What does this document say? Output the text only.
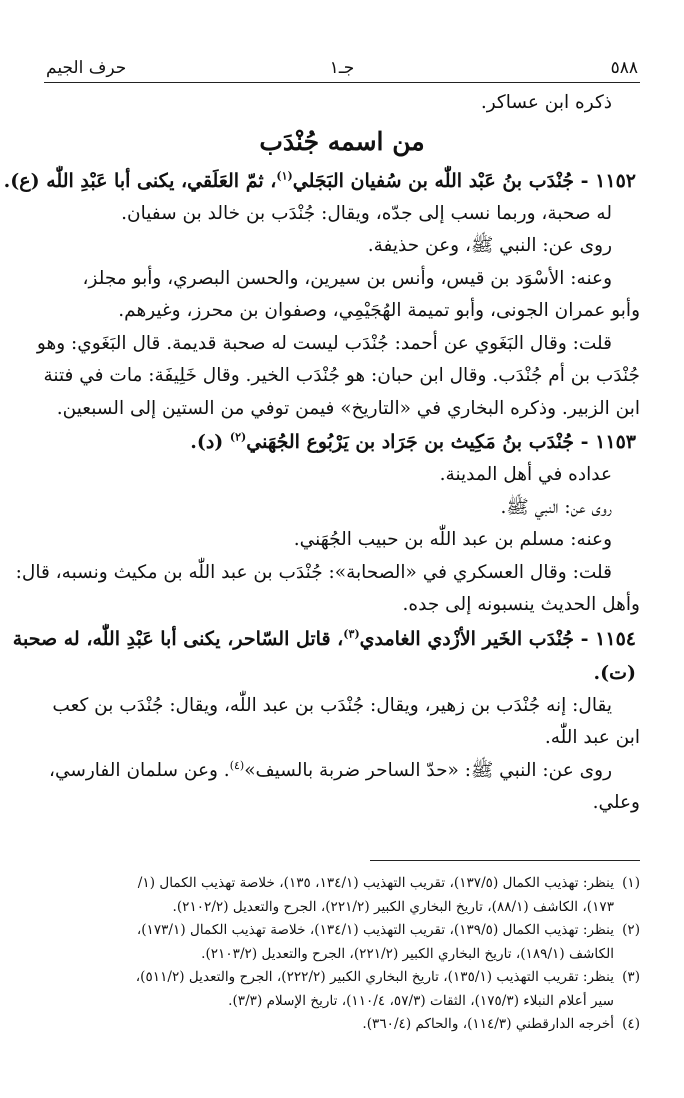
٥٨٨
جـ١
حرف الجيم
ذكره ابن عساكر.
من اسمه جُنْدَب
١١٥٢ - جُنْدَب بنُ عَبْد اللّٰه بن سُفيان البَجَلي$^{(١)}$، ثمّ العَلَقي، يكنى أبا عَبْدِ اللّٰه (ع).
له صحبة، وربما نسب إلى جدّه، ويقال: جُنْدَب بن خالد بن سفيان.
روى عن: النبي ﷺ، وعن حذيفة.
وعنه: الأسْوَد بن قيس، وأنس بن سيرين، والحسن البصري، وأبو مجلز،
وأبو عمران الجونى، وأبو تميمة الهُجَيْمِي، وصفوان بن محرز، وغيرهم.
قلت: وقال البَغَوي عن أحمد: جُنْدَب ليست له صحبة قديمة. قال البَغَوي: وهو
جُنْدَب بن أم جُنْدَب. وقال ابن حبان: هو جُنْدَب الخير. وقال خَلِيفَة: مات في فتنة
ابن الزبير. وذكره البخاري في «التاريخ» فيمن توفي من الستين إلى السبعين.
١١٥٣ - جُنْدَب بنُ مَكِيث بن جَرَاد بن يَرْبُوع الجُهَني$^{(٢)}$ (د).
عداده في أهل المدينة.
روى عن: النبي ﷺ.
وعنه: مسلم بن عبد اللّٰه بن حبيب الجُهَني.
قلت: وقال العسكري في «الصحابة»: جُنْدَب بن عبد اللّٰه بن مكيث ونسبه، قال:
وأهل الحديث ينسبونه إلى جده.
١١٥٤ - جُنْدَب الخَير الأزْدي الغامدي$^{(٣)}$، قاتل السّاحر، يكنى أبا عَبْدِ اللّٰه، له صحبة
(ت).
يقال: إنه جُنْدَب بن زهير، ويقال: جُنْدَب بن عبد اللّٰه، ويقال: جُنْدَب بن كعب
ابن عبد اللّٰه.
روى عن: النبي ﷺ: «حدّ الساحر ضربة بالسيف»$^{(٤)}$. وعن سلمان الفارسي،
وعلي.
(١)ينظر: تهذيب الكمال (١٣٧/٥)، تقريب التهذيب (١٣٤/١، ١٣٥)، خلاصة تهذيب الكمال (١/
١٧٣)، الكاشف (٨٨/١)، تاريخ البخاري الكبير (٢٢١/٢)، الجرح والتعديل (٢١٠٢/٢).
(٢)ينظر: تهذيب الكمال (١٣٩/٥)، تقريب التهذيب (١٣٤/١)، خلاصة تهذيب الكمال (١٧٣/١)،
الكاشف (١٨٩/١)، تاريخ البخاري الكبير (٢٢١/٢)، الجرح والتعديل (٢١٠٣/٢).
(٣)ينظر: تقريب التهذيب (١٣٥/١)، تاريخ البخاري الكبير (٢٢٢/٢)، الجرح والتعديل (٥١١/٢)،
سير أعلام النبلاء (١٧٥/٣)، الثقات (٥٧/٣، ١١٠/٤)، تاريخ الإسلام (٣/٣).
(٤)أخرجه الدارقطني (١١٤/٣)، والحاكم (٣٦٠/٤).
